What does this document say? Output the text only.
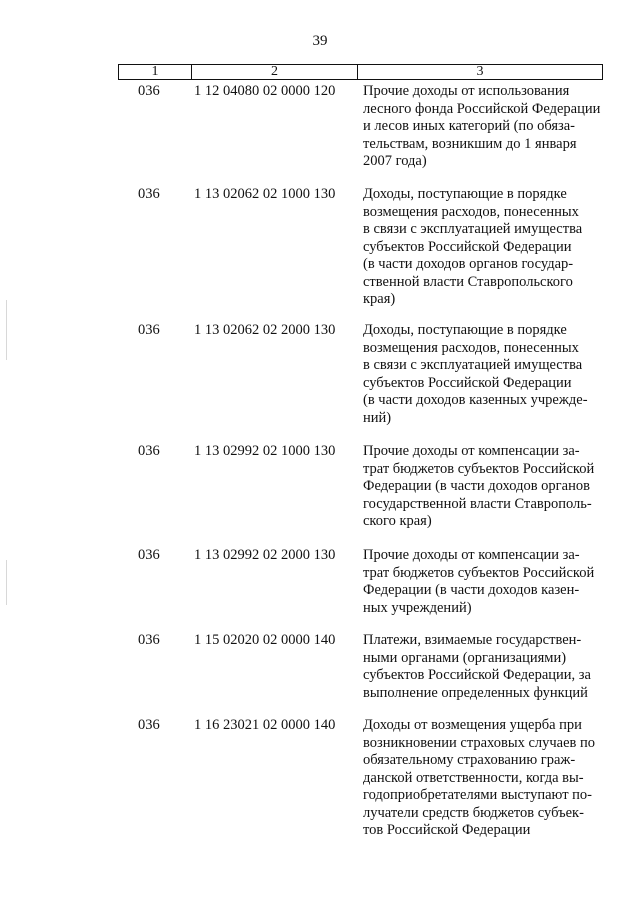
39
1	2	3
036 1 12 04080 02 0000 120 Прочие доходы от использования
лесного фонда Российской Федерации
и лесов иных категорий (по обяза-
тельствам, возникшим до 1 января
2007 года)
036 1 13 02062 02 1000 130 Доходы, поступающие в порядке
возмещения расходов, понесенных
в связи с эксплуатацией имущества
субъектов Российской Федерации
(в части доходов органов государ-
ственной власти Ставропольского
края)
036 1 13 02062 02 2000 130 Доходы, поступающие в порядке
возмещения расходов, понесенных
в связи с эксплуатацией имущества
субъектов Российской Федерации
(в части доходов казенных учрежде-
ний)
036 1 13 02992 02 1000 130 Прочие доходы от компенсации за-
трат бюджетов субъектов Российской
Федерации (в части доходов органов
государственной власти Ставрополь-
ского края)
036 1 13 02992 02 2000 130 Прочие доходы от компенсации за-
трат бюджетов субъектов Российской
Федерации (в части доходов казен-
ных учреждений)
036 1 15 02020 02 0000 140 Платежи, взимаемые государствен-
ными органами (организациями)
субъектов Российской Федерации, за
выполнение определенных функций
036 1 16 23021 02 0000 140 Доходы от возмещения ущерба при
возникновении страховых случаев по
обязательному страхованию граж-
данской ответственности, когда вы-
годоприобретателями выступают по-
лучатели средств бюджетов субъек-
тов Российской Федерации
